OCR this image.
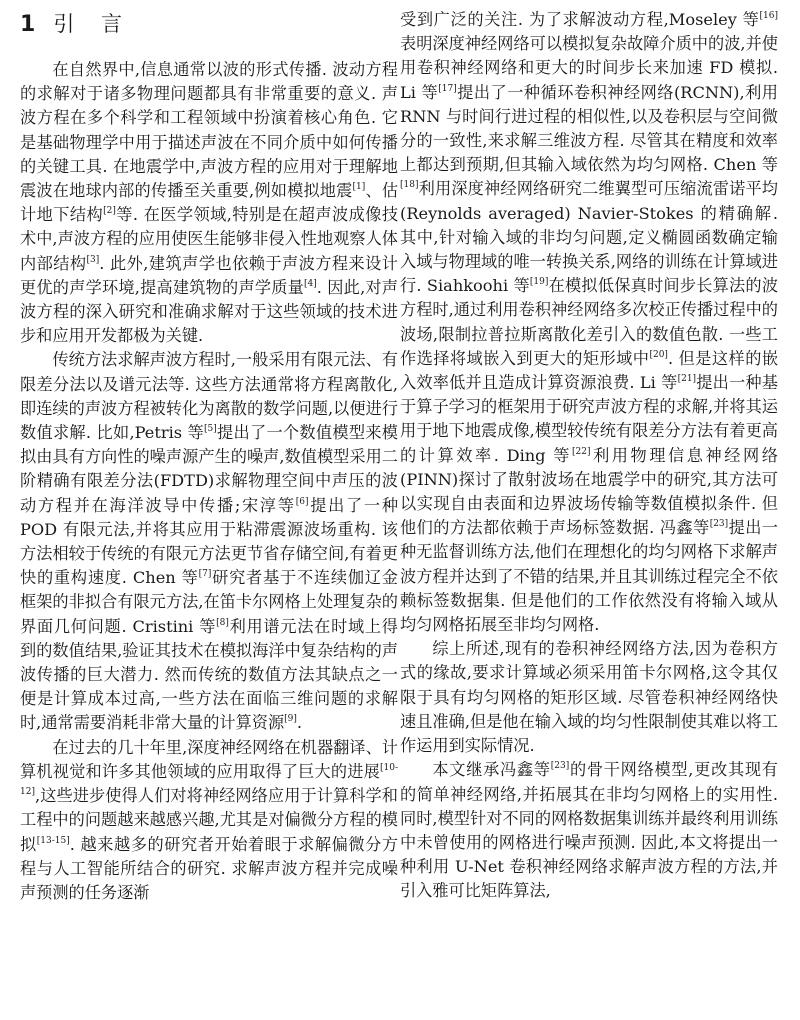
1 引 言

在自然界中,信息通常以波的形式传播. 波动方程的求解对于诸多物理问题都具有非常重要的意义. 声波方程在多个科学和工程领域中扮演着核心角色. 它是基础物理学中用于描述声波在不同介质中如何传播的关键工具. 在地震学中,声波方程的应用对于理解地震波在地球内部的传播至关重要,例如模拟地震[1]、估计地下结构[2]等. 在医学领域,特别是在超声波成像技术中,声波方程的应用使医生能够非侵入性地观察人体内部结构[3]. 此外,建筑声学也依赖于声波方程来设计更优的声学环境,提高建筑物的声学质量[4]. 因此,对声波方程的深入研究和准确求解对于这些领域的技术进步和应用开发都极为关键.

传统方法求解声波方程时,一般采用有限元法、有限差分法以及谱元法等. 这些方法通常将方程离散化,即连续的声波方程被转化为离散的数学问题,以便进行数值求解. 比如,Petris 等[5]提出了一个数值模型来模拟由具有方向性的噪声源产生的噪声,数值模型采用二阶精确有限差分法(FDTD)求解物理空间中声压的波动方程并在海洋波导中传播;宋淳等[6]提出了一种 POD 有限元法,并将其应用于粘滞震源波场重构. 该方法相较于传统的有限元方法更节省存储空间,有着更快的重构速度. Chen 等[7]研究者基于不连续伽辽金框架的非拟合有限元方法,在笛卡尔网格上处理复杂的界面几何问题. Cristini 等[8]利用谱元法在时域上得到的数值结果,验证其技术在模拟海洋中复杂结构的声波传播的巨大潜力. 然而传统的数值方法其缺点之一便是计算成本过高,一些方法在面临三维问题的求解时,通常需要消耗非常大量的计算资源[9].

在过去的几十年里,深度神经网络在机器翻译、计算机视觉和许多其他领域的应用取得了巨大的进展[10-12],这些进步使得人们对将神经网络应用于计算科学和工程中的问题越来越感兴趣,尤其是对偏微分方程的模拟[13-15]. 越来越多的研究者开始着眼于求解偏微分方程与人工智能所结合的研究. 求解声波方程并完成噪声预测的任务逐渐

受到广泛的关注. 为了求解波动方程,Moseley 等[16]表明深度神经网络可以模拟复杂故障介质中的波,并使用卷积神经网络和更大的时间步长来加速 FD 模拟. Li 等[17]提出了一种循环卷积神经网络(RCNN),利用 RNN 与时间行进过程的相似性,以及卷积层与空间微分的一致性,来求解三维波方程. 尽管其在精度和效率上都达到预期,但其输入域依然为均匀网格. Chen 等[18]利用深度神经网络研究二维翼型可压缩流雷诺平均(Reynolds averaged) Navier-Stokes 的精确解. 其中,针对输入域的非均匀问题,定义椭圆函数确定输入域与物理域的唯一转换关系,网络的训练在计算域进行. Siahkoohi 等[19]在模拟低保真时间步长算法的波方程时,通过利用卷积神经网络多次校正传播过程中的波场,限制拉普拉斯离散化差引入的数值色散. 一些工作选择将域嵌入到更大的矩形域中[20]. 但是这样的嵌入效率低并且造成计算资源浪费. Li 等[21]提出一种基于算子学习的框架用于研究声波方程的求解,并将其运用于地下地震成像,模型较传统有限差分方法有着更高的计算效率. Ding 等[22]利用物理信息神经网络(PINN)探讨了散射波场在地震学中的研究,其方法可以实现自由表面和边界波场传输等数值模拟条件. 但他们的方法都依赖于声场标签数据. 冯鑫等[23]提出一种无监督训练方法,他们在理想化的均匀网格下求解声波方程并达到了不错的结果,并且其训练过程完全不依赖标签数据集. 但是他们的工作依然没有将输入域从均匀网格拓展至非均匀网格.

综上所述,现有的卷积神经网络方法,因为卷积方式的缘故,要求计算域必须采用笛卡尔网格,这令其仅限于具有均匀网格的矩形区域. 尽管卷积神经网络快速且准确,但是他在输入域的均匀性限制使其难以将工作运用到实际情况.

本文继承冯鑫等[23]的骨干网络模型,更改其现有的简单神经网络,并拓展其在非均匀网格上的实用性. 同时,模型针对不同的网格数据集训练并最终利用训练中未曾使用的网格进行噪声预测. 因此,本文将提出一种利用 U-Net 卷积神经网络求解声波方程的方法,并引入雅可比矩阵算法,
